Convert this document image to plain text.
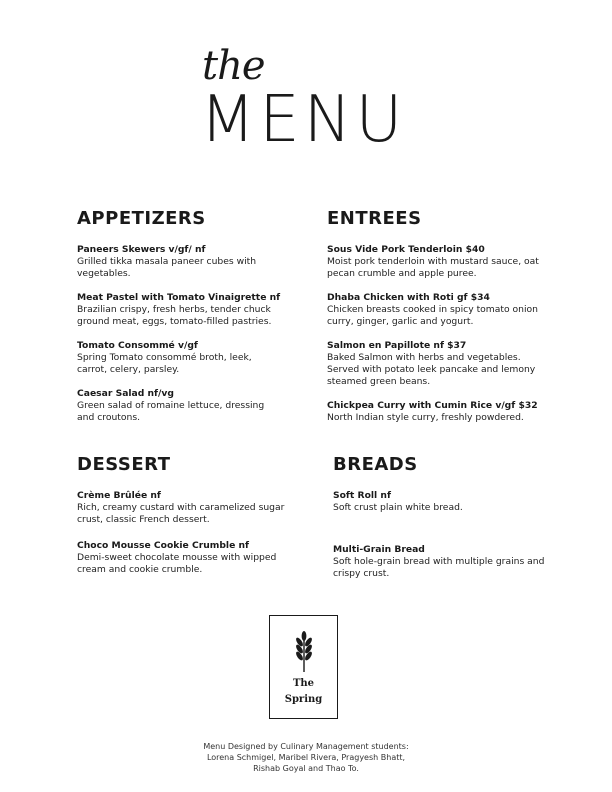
the
MENU
APPETIZERS
Paneers Skewers v/gf/ nf
Grilled tikka masala paneer cubes with vegetables.
Meat Pastel with Tomato Vinaigrette nf
Brazilian crispy, fresh herbs, tender chuck ground meat, eggs, tomato-filled pastries.
Tomato Consommé v/gf
Spring Tomato consommé broth, leek, carrot, celery, parsley.
Caesar Salad nf/vg
Green salad of romaine lettuce, dressing and croutons.
ENTREES
Sous Vide Pork Tenderloin $40
Moist pork tenderloin with mustard sauce, oat pecan crumble and apple puree.
Dhaba Chicken with Roti gf $34
Chicken breasts cooked in spicy tomato onion curry, ginger, garlic and yogurt.
Salmon en Papillote nf $37
Baked Salmon with herbs and vegetables. Served with potato leek pancake and lemony steamed green beans.
Chickpea Curry with Cumin Rice v/gf $32
North Indian style curry, freshly powdered.
DESSERT
Crème Brûlée nf
Rich, creamy custard with caramelized sugar crust, classic French dessert.
Choco Mousse Cookie Crumble nf
Demi-sweet chocolate mousse with wipped cream and cookie crumble.
BREADS
Soft Roll nf
Soft crust plain white bread.
Multi-Grain Bread
Soft hole-grain bread with multiple grains and crispy crust.
The
Spring
Menu Designed by Culinary Management students:
Lorena Schmigel, Maribel Rivera, Pragyesh Bhatt,
Rishab Goyal and Thao To.
